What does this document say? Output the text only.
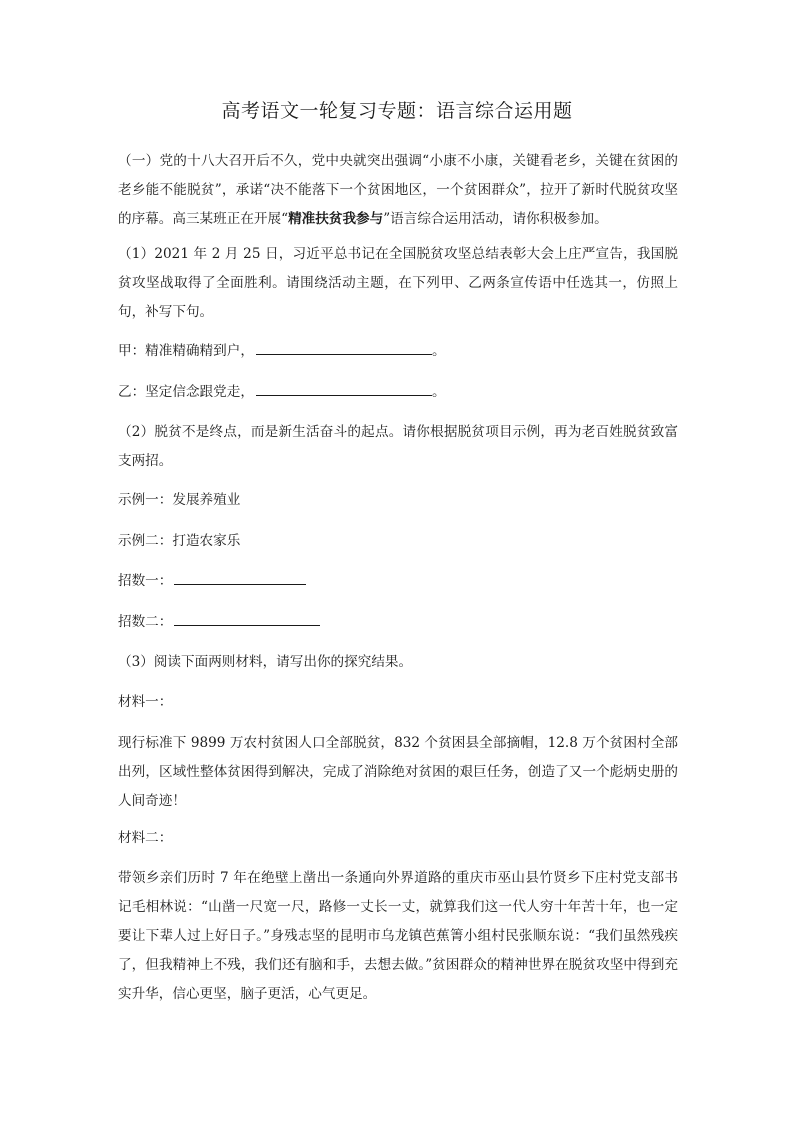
高考语文一轮复习专题：语言综合运用题

（一）党的十八大召开后不久，党中央就突出强调“小康不小康，关键看老乡，关键在贫困的老乡能不能脱贫”，承诺“决不能落下一个贫困地区，一个贫困群众”，拉开了新时代脱贫攻坚的序幕。高三某班正在开展“精准扶贫我参与”语言综合运用活动，请你积极参加。

（1）2021 年 2 月 25 日，习近平总书记在全国脱贫攻坚总结表彰大会上庄严宣告，我国脱贫攻坚战取得了全面胜利。请围绕活动主题，在下列甲、乙两条宣传语中任选其一，仿照上句，补写下句。

甲：精准精确精到户，	。

乙：坚定信念跟党走，	。

（2）脱贫不是终点，而是新生活奋斗的起点。请你根据脱贫项目示例，再为老百姓脱贫致富支两招。

示例一：发展养殖业

示例二：打造农家乐

招数一：

招数二：

（3）阅读下面两则材料，请写出你的探究结果。

材料一：

现行标准下 9899 万农村贫困人口全部脱贫，832 个贫困县全部摘帽，12.8 万个贫困村全部出列，区域性整体贫困得到解决，完成了消除绝对贫困的艰巨任务，创造了又一个彪炳史册的人间奇迹！

材料二：

带领乡亲们历时 7 年在绝壁上凿出一条通向外界道路的重庆市巫山县竹贤乡下庄村党支部书记毛相林说：“山凿一尺宽一尺，路修一丈长一丈，就算我们这一代人穷十年苦十年，也一定要让下辈人过上好日子。”身残志坚的昆明市乌龙镇芭蕉箐小组村民张顺东说：“我们虽然残疾了，但我精神上不残，我们还有脑和手，去想去做。”贫困群众的精神世界在脱贫攻坚中得到充实升华，信心更坚，脑子更活，心气更足。
